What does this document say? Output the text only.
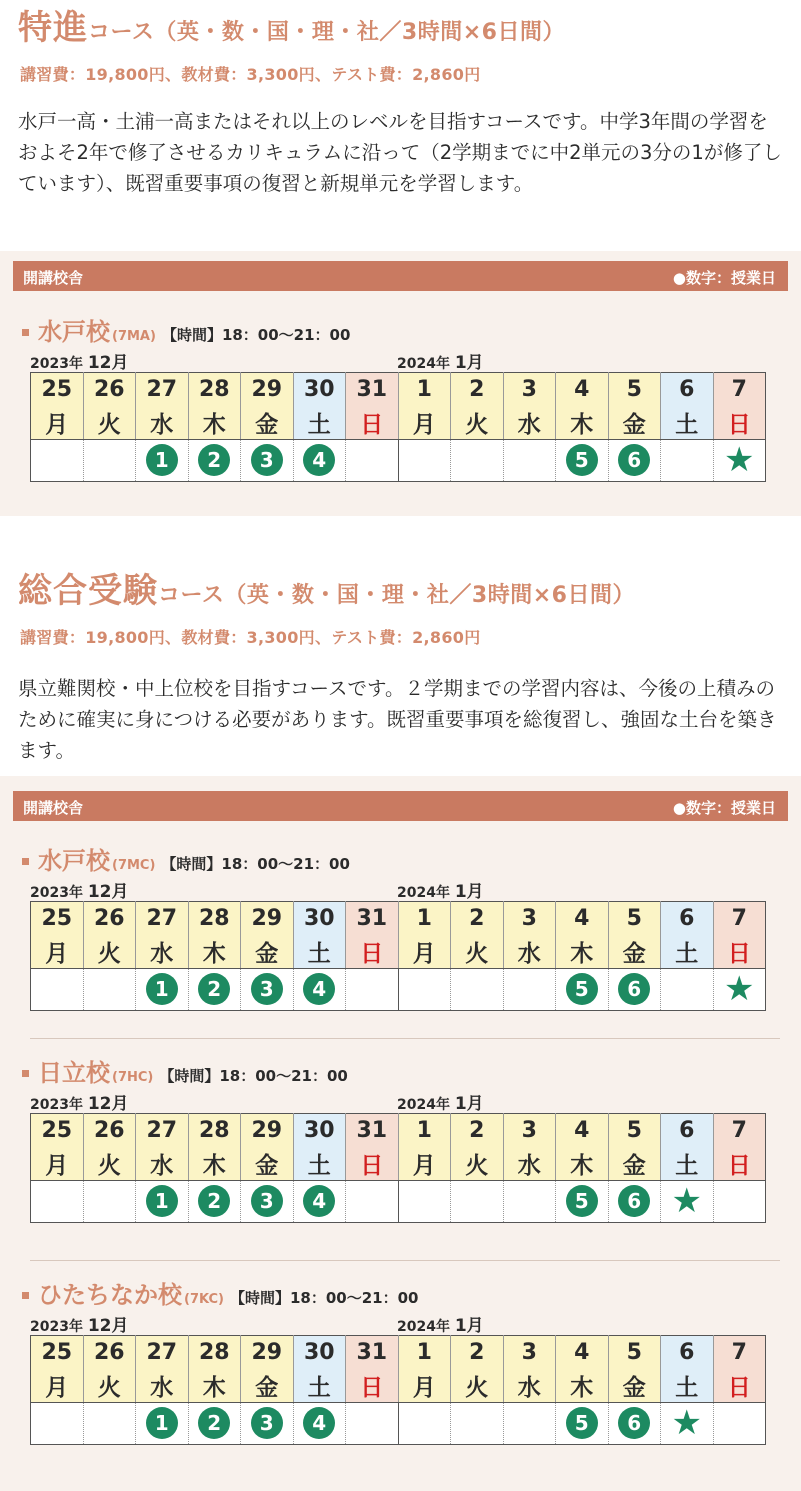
特進コース（英・数・国・理・社／3時間×6日間）
講習費：19,800円、教材費：3,300円、テスト費：2,860円
水戸一高・土浦一高またはそれ以上のレベルを目指すコースです。中学3年間の学習をおよそ2年で修了させるカリキュラムに沿って（2学期までに中2単元の3分の1が修了しています）、既習重要事項の復習と新規単元を学習します。
開講校舎	●数字：授業日
水戸校 (7MA) 【時間】18：00〜21：00
2023年 12月	2024年 1月
25	26	27	28	29	30	31	1	2	3	4	5	6	7
月	火	水	木	金	土	日	月	火	水	木	金	土	日
		1	2	3	4					5	6		★
総合受験コース（英・数・国・理・社／3時間×6日間）
講習費：19,800円、教材費：3,300円、テスト費：2,860円
県立難関校・中上位校を目指すコースです。２学期までの学習内容は、今後の上積みのために確実に身につける必要があります。既習重要事項を総復習し、強固な土台を築きます。
開講校舎	●数字：授業日
水戸校 (7MC) 【時間】18：00〜21：00
2023年 12月	2024年 1月
25	26	27	28	29	30	31	1	2	3	4	5	6	7
月	火	水	木	金	土	日	月	火	水	木	金	土	日
		1	2	3	4					5	6		★
日立校 (7HC) 【時間】18：00〜21：00
2023年 12月	2024年 1月
25	26	27	28	29	30	31	1	2	3	4	5	6	7
月	火	水	木	金	土	日	月	火	水	木	金	土	日
		1	2	3	4					5	6	★	
ひたちなか校 (7KC) 【時間】18：00〜21：00
2023年 12月	2024年 1月
25	26	27	28	29	30	31	1	2	3	4	5	6	7
月	火	水	木	金	土	日	月	火	水	木	金	土	日
		1	2	3	4					5	6	★	
